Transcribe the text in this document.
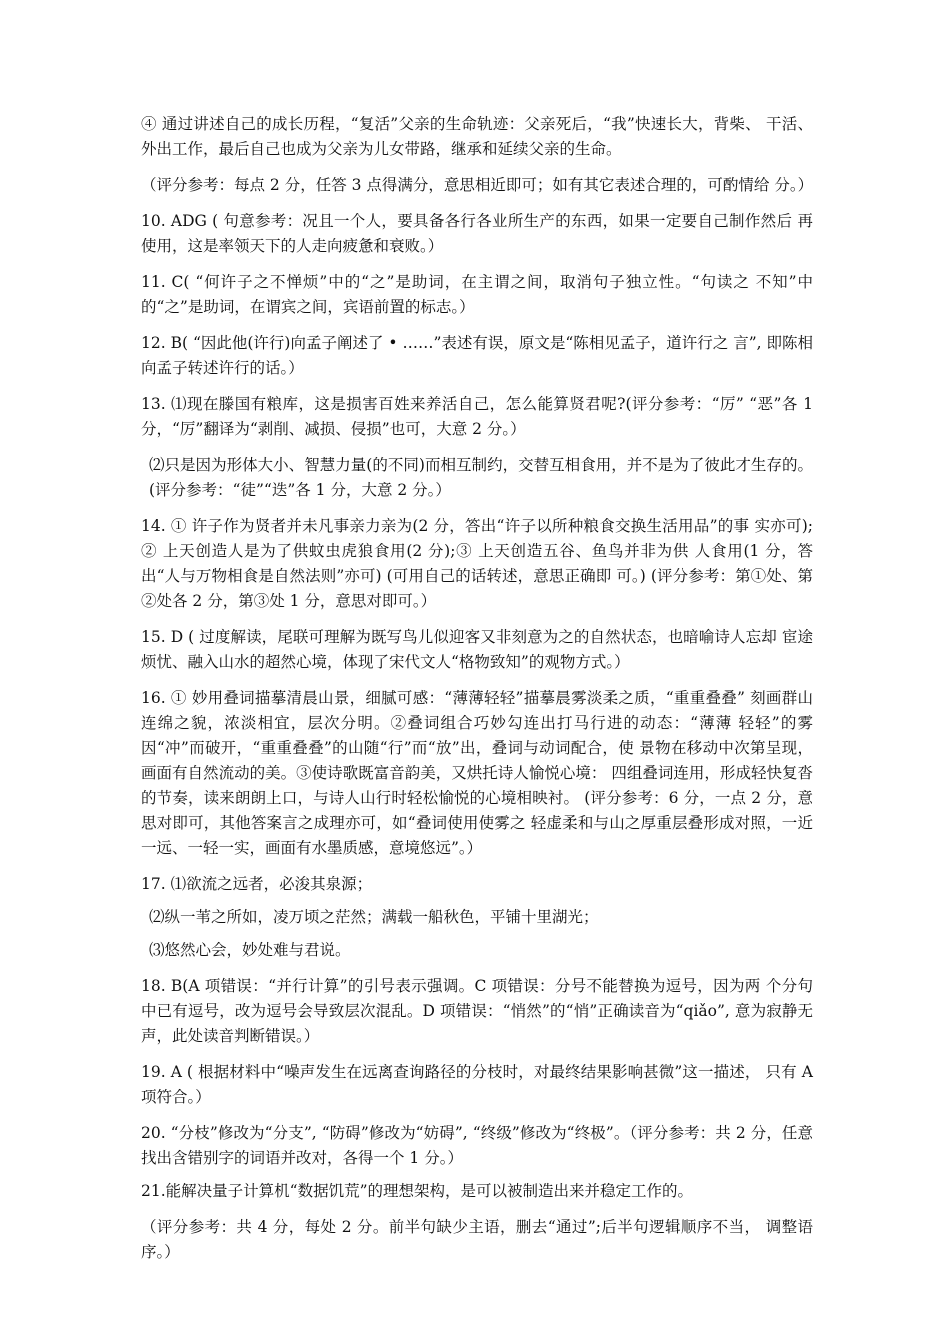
④ 通过讲述自己的成长历程，“复活”父亲的生命轨迹：父亲死后，“我”快速长大，背柴、 干活、外出工作，最后自己也成为父亲为儿女带路，继承和延续父亲的生命。

（评分参考：每点 2 分，任答 3 点得满分，意思相近即可；如有其它表述合理的，可酌情给 分。）

10. ADG ( 句意参考：况且一个人，要具备各行各业所生产的东西，如果一定要自己制作然后 再使用，这是率领天下的人走向疲惫和衰败。）

11. C( “何许子之不惮烦”中的“之”是助词，在主谓之间，取消句子独立性。“句读之 不知”中的“之”是助词，在谓宾之间，宾语前置的标志。）

12. B( “因此他(许行)向孟子阐述了 • ……”表述有误，原文是“陈相见孟子，道许行之 言”, 即陈相向孟子转述许行的话。）

13. ⑴现在滕国有粮库，这是损害百姓来养活自己，怎么能算贤君呢?(评分参考：“厉” “恶”各 1 分，“厉”翻译为“剥削、减损、侵损”也可，大意 2 分。）

⑵只是因为形体大小、智慧力量(的不同)而相互制约，交替互相食用，并不是为了彼此才生存的。(评分参考：“徒”“迭”各 1 分，大意 2 分。）

14. ① 许子作为贤者并未凡事亲力亲为(2 分，答出“许子以所种粮食交换生活用品”的事 实亦可);② 上天创造人是为了供蚊虫虎狼食用(2 分);③ 上天创造五谷、鱼鸟并非为供 人食用(1 分，答出“人与万物相食是自然法则”亦可) (可用自己的话转述，意思正确即 可。) (评分参考：第①处、第②处各 2 分，第③处 1 分，意思对即可。）

15. D ( 过度解读，尾联可理解为既写鸟儿似迎客又非刻意为之的自然状态，也暗喻诗人忘却 宦途烦忧、融入山水的超然心境，体现了宋代文人“格物致知”的观物方式。）

16. ① 妙用叠词描摹清晨山景，细腻可感：“薄薄轻轻”描摹晨雾淡柔之质，“重重叠叠” 刻画群山连绵之貌，浓淡相宜，层次分明。②叠词组合巧妙勾连出打马行进的动态：“薄薄 轻轻”的雾因“冲”而破开，“重重叠叠”的山随“行”而“放”出，叠词与动词配合，使 景物在移动中次第呈现，画面有自然流动的美。③使诗歌既富音韵美，又烘托诗人愉悦心境： 四组叠词连用，形成轻快复沓的节奏，读来朗朗上口，与诗人山行时轻松愉悦的心境相映衬。 (评分参考：6 分，一点 2 分，意思对即可，其他答案言之成理亦可，如“叠词使用使雾之 轻虚柔和与山之厚重层叠形成对照，一近一远、一轻一实，画面有水墨质感，意境悠远”。）

17. ⑴欲流之远者，必浚其泉源；

⑵纵一苇之所如，凌万顷之茫然；满载一船秋色，平铺十里湖光；

⑶悠然心会，妙处难与君说。

18. B(A 项错误：“并行计算”的引号表示强调。C 项错误：分号不能替换为逗号，因为两 个分句中已有逗号，改为逗号会导致层次混乱。D 项错误：“悄然”的“悄”正确读音为“qiǎo”, 意为寂静无声，此处读音判断错误。）

19. A ( 根据材料中“噪声发生在远离查询路径的分枝时，对最终结果影响甚微”这一描述， 只有 A 项符合。）

20. “分枝”修改为“分支”, “防碍”修改为“妨碍”, “终级”修改为“终极”。（评分参考：共 2 分，任意找出含错别字的词语并改对，各得一个 1 分。）

21.能解决量子计算机“数据饥荒”的理想架构，是可以被制造出来并稳定工作的。

（评分参考：共 4 分，每处 2 分。前半句缺少主语，删去“通过”;后半句逻辑顺序不当， 调整语序。）
